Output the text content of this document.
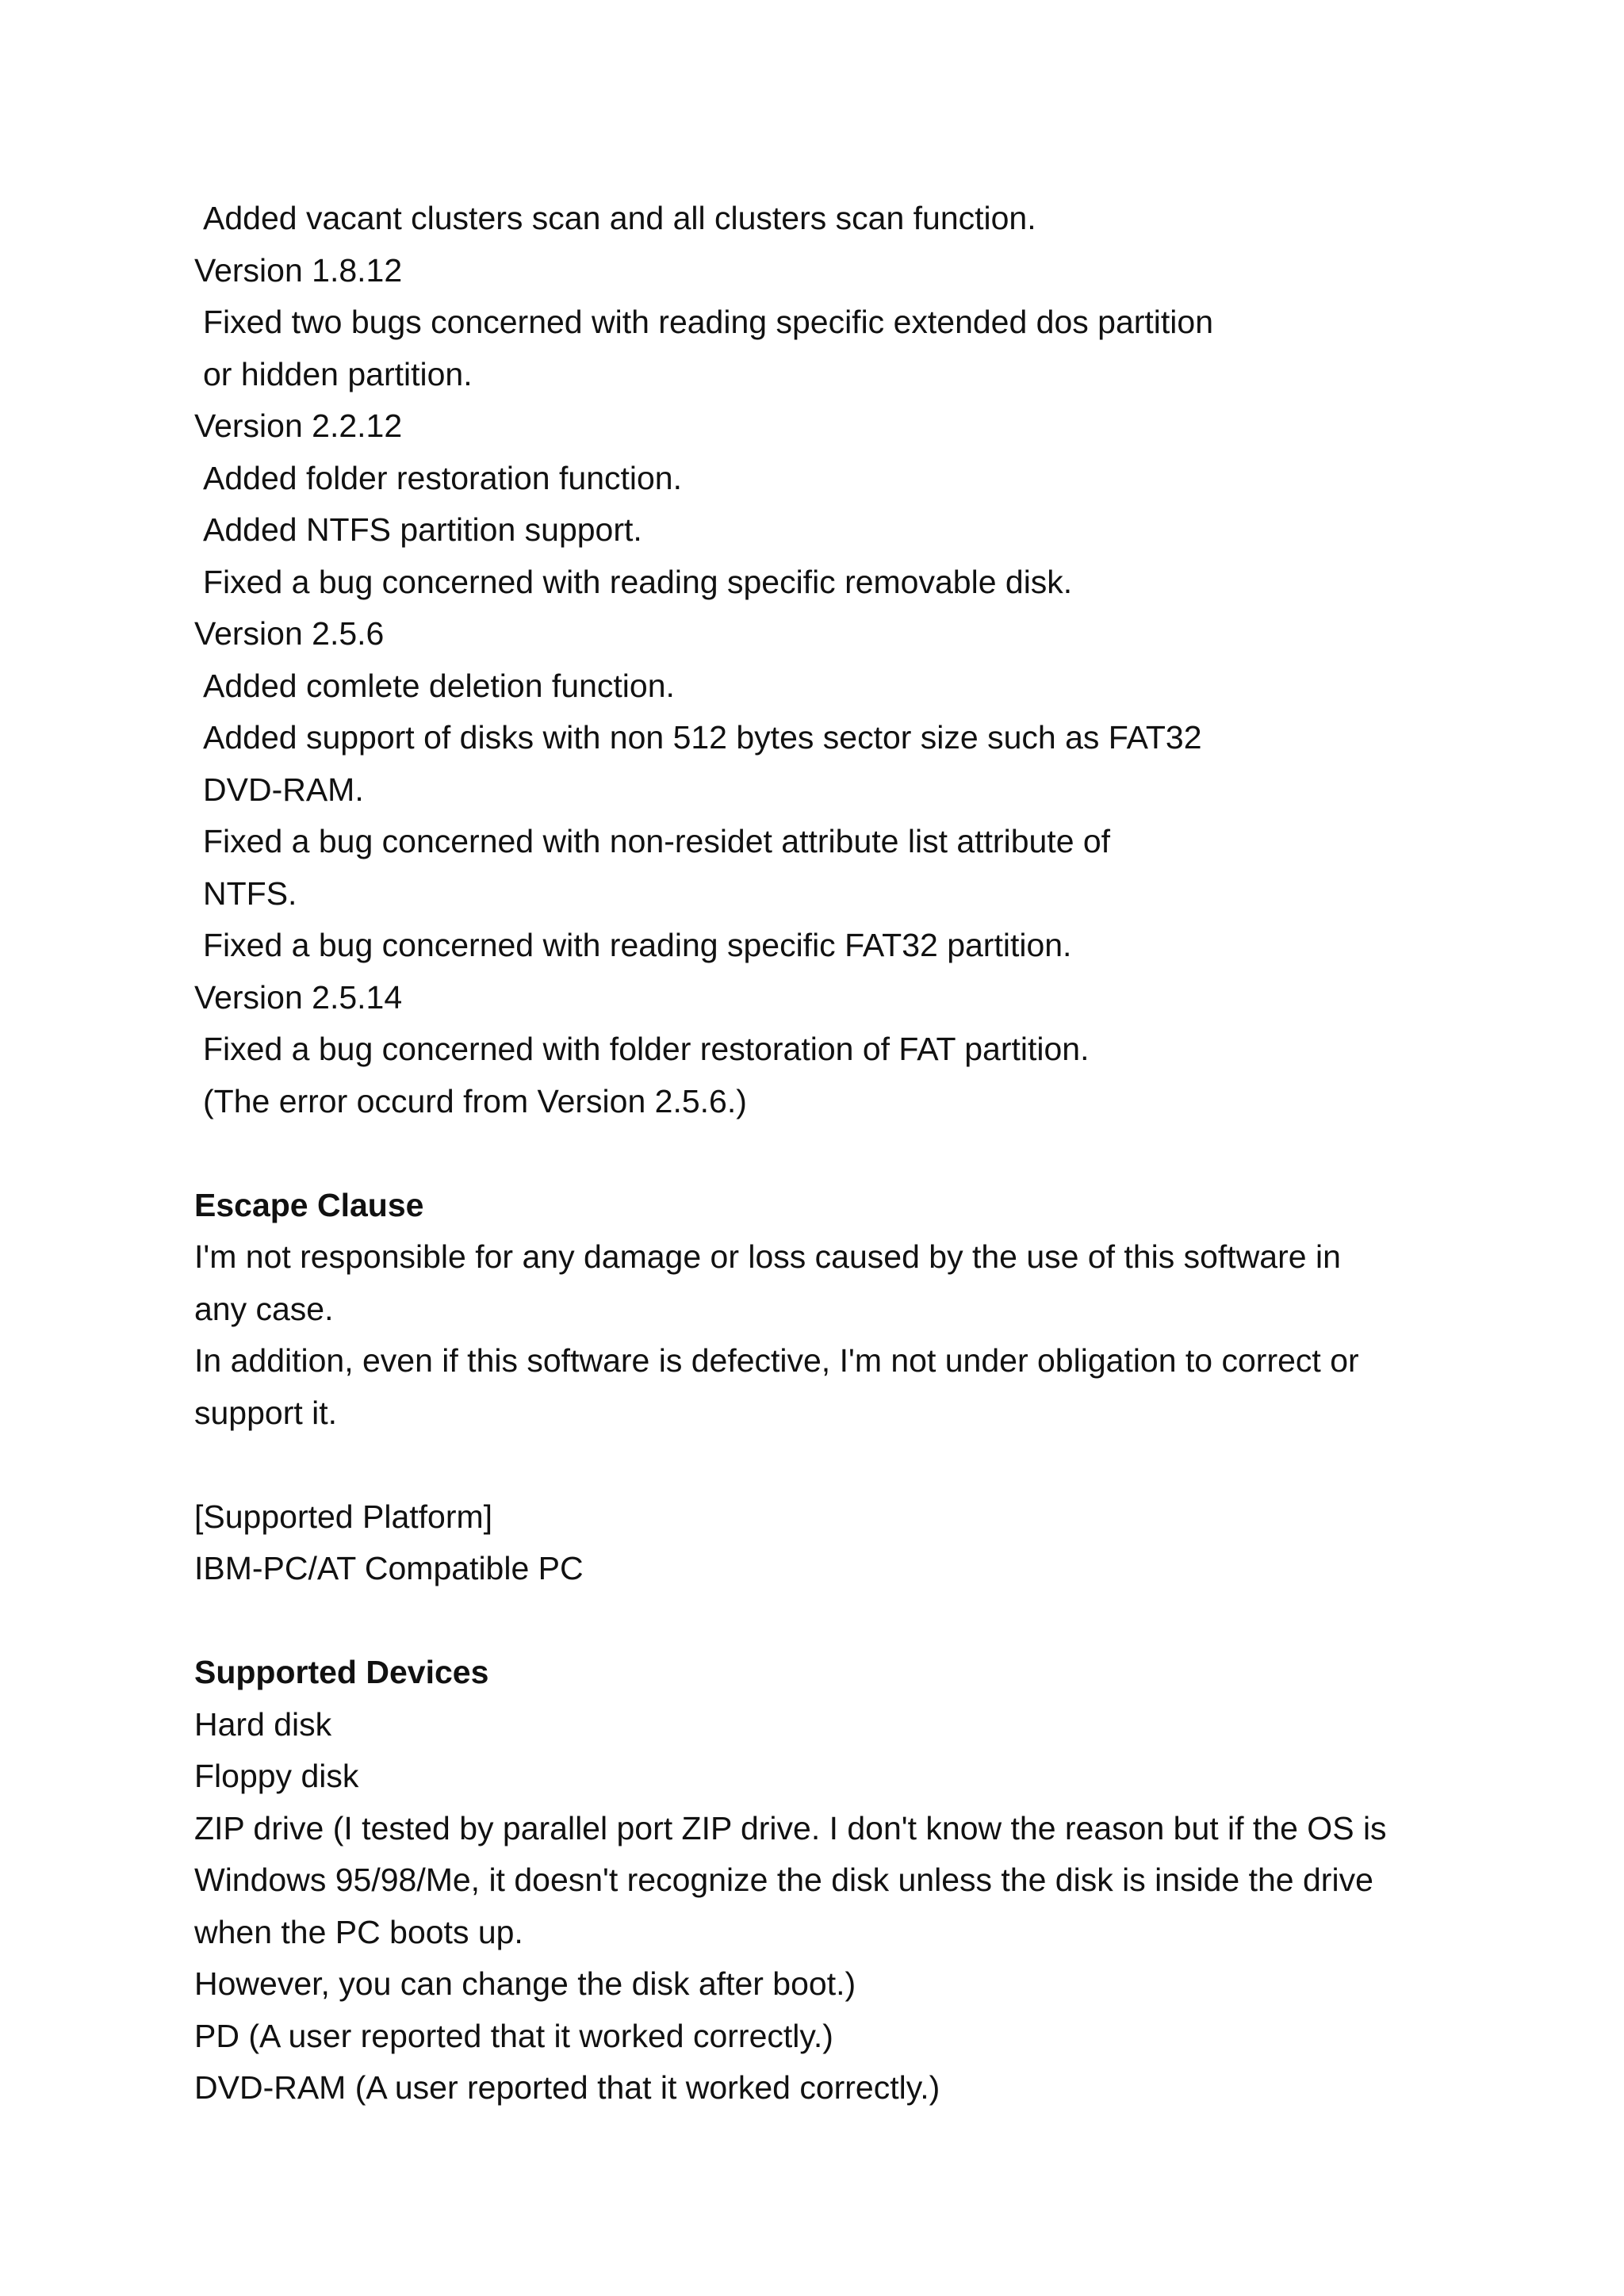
Added vacant clusters scan and all clusters scan function.
Version 1.8.12
Fixed two bugs concerned with reading specific extended dos partition
or hidden partition.
Version 2.2.12
Added folder restoration function.
Added NTFS partition support.
Fixed a bug concerned with reading specific removable disk.
Version 2.5.6
Added comlete deletion function.
Added support of disks with non 512 bytes sector size such as FAT32
DVD-RAM.
Fixed a bug concerned with non-residet attribute list attribute of
NTFS.
Fixed a bug concerned with reading specific FAT32 partition.
Version 2.5.14
Fixed a bug concerned with folder restoration of FAT partition.
(The error occurd from Version 2.5.6.)
Escape Clause
I'm not responsible for any damage or loss caused by the use of this software in
any case.
In addition, even if this software is defective, I'm not under obligation to correct or
support it.
[Supported Platform]
IBM-PC/AT Compatible PC
Supported Devices
Hard disk
Floppy disk
ZIP drive (I tested by parallel port ZIP drive. I don't know the reason but if the OS is
Windows 95/98/Me, it doesn't recognize the disk unless the disk is inside the drive
when the PC boots up.
However, you can change the disk after boot.)
PD (A user reported that it worked correctly.)
DVD-RAM (A user reported that it worked correctly.)
